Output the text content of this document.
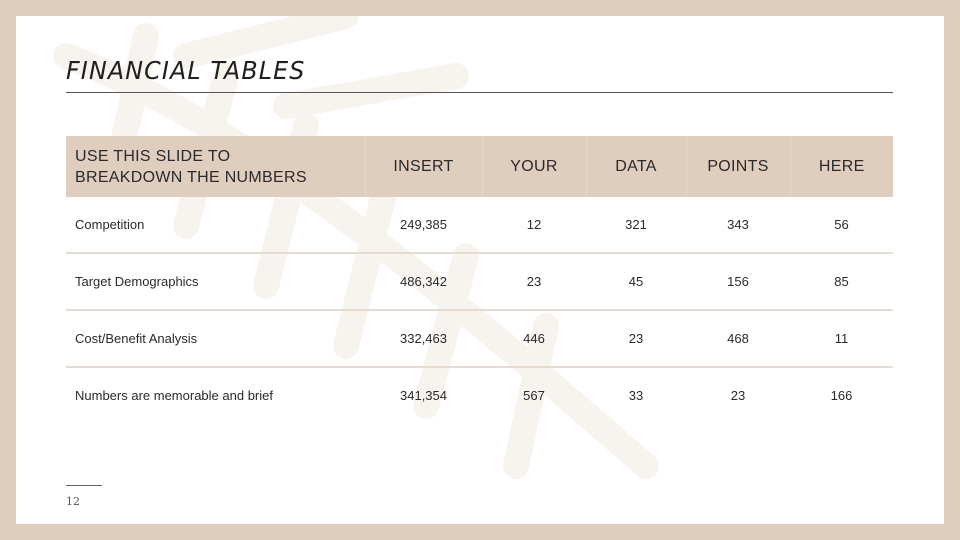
FINANCIAL TABLES
USE THIS SLIDE TO
BREAKDOWN THE NUMBERS	INSERT	YOUR	DATA	POINTS	HERE
Competition	249,385	12	321	343	56
Target Demographics	486,342	23	45	156	85
Cost/Benefit Analysis	332,463	446	23	468	11
Numbers are memorable and brief	341,354	567	33	23	166
12
